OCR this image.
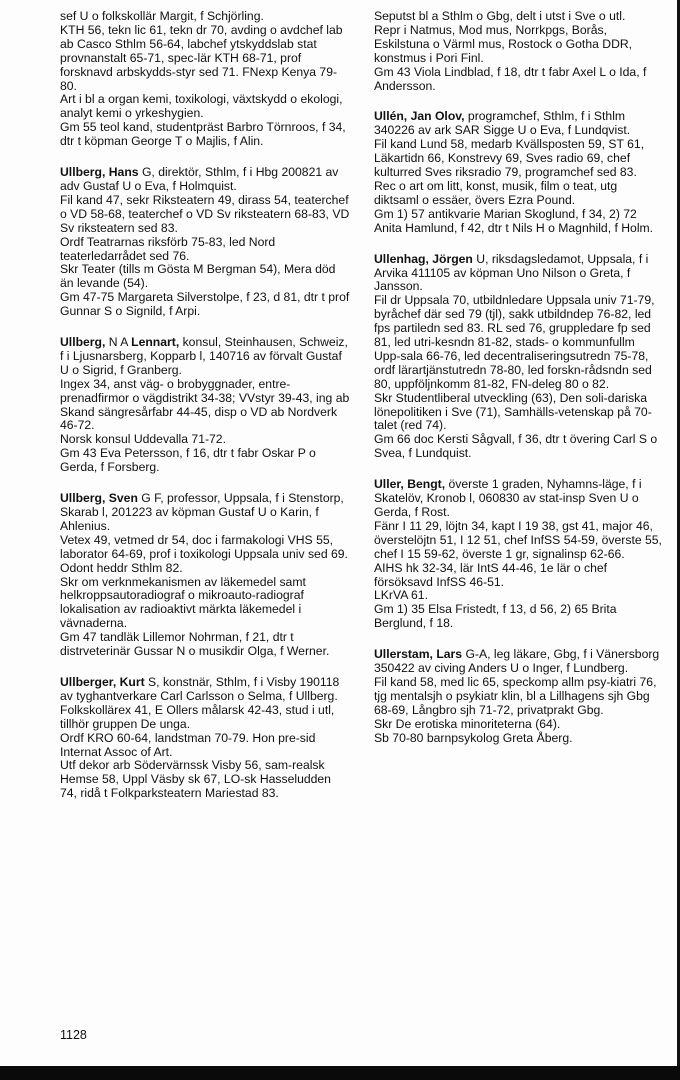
sef U o folkskollär Margit, f Schjörling.

KTH 56, tekn lic 61, tekn dr 70, avding o avdchef lab ab Casco Sthlm 56-64, labchef ytskyddslab stat provnanstalt 65-71, spec-lär KTH 68-71, prof forsknavd arbskydds-styr sed 71. FNexp Kenya 79-80.

Art i bl a organ kemi, toxikologi, växtskydd o ekologi, analyt kemi o yrkeshygien.

Gm 55 teol kand, studentpräst Barbro Törnroos, f 34, dtr t köpman George T o Majlis, f Alin.

Ullberg, Hans G, direktör, Sthlm, f i Hbg 200821 av adv Gustaf U o Eva, f Holmquist.

Fil kand 47, sekr Riksteatern 49, dirass 54, teaterchef o VD 58-68, teaterchef o VD Sv riksteatern 68-83, VD Sv riksteatern sed 83.

Ordf Teatrarnas riksförb 75-83, led Nord teaterledarrådet sed 76.

Skr Teater (tills m Gösta M Bergman 54), Mera död än levande (54).

Gm 47-75 Margareta Silverstolpe, f 23, d 81, dtr t prof Gunnar S o Signild, f Arpi.

Ullberg, N A Lennart, konsul, Steinhausen, Schweiz, f i Ljusnarsberg, Kopparb l, 140716 av förvalt Gustaf U o Sigrid, f Granberg.

Ingex 34, anst väg- o brobyggnader, entre-prenadfirmor o vägdistrikt 34-38; VVstyr 39-43, ing ab Skand sängresårfabr 44-45, disp o VD ab Nordverk 46-72.

Norsk konsul Uddevalla 71-72.

Gm 43 Eva Petersson, f 16, dtr t fabr Oskar P o Gerda, f Forsberg.

Ullberg, Sven G F, professor, Uppsala, f i Stenstorp, Skarab l, 201223 av köpman Gustaf U o Karin, f Ahlenius.

Vetex 49, vetmed dr 54, doc i farmakologi VHS 55, laborator 64-69, prof i toxikologi Uppsala univ sed 69.

Odont heddr Sthlm 82.

Skr om verknmekanismen av läkemedel samt helkroppsautoradiograf o mikroauto-radiograf lokalisation av radioaktivt märkta läkemedel i vävnaderna.

Gm 47 tandläk Lillemor Nohrman, f 21, dtr t distrveterinär Gussar N o musikdir Olga, f Werner.

Ullberger, Kurt S, konstnär, Sthlm, f i Visby 190118 av tyghantverkare Carl Carlsson o Selma, f Ullberg.

Folkskollärex 41, E Ollers målarsk 42-43, stud i utl, tillhör gruppen De unga.

Ordf KRO 60-64, landstman 70-79. Hon pre-sid Internat Assoc of Art.

Utf dekor arb Södervärnssk Visby 56, sam-realsk Hemse 58, Uppl Väsby sk 67, LO-sk Hasseludden 74, ridå t Folkparksteatern Mariestad 83.

Seputst bl a Sthlm o Gbg, delt i utst i Sve o utl.

Repr i Natmus, Mod mus, Norrkpgs, Borås, Eskilstuna o Värml mus, Rostock o Gotha DDR, konstmus i Pori Finl.

Gm 43 Viola Lindblad, f 18, dtr t fabr Axel L o Ida, f Andersson.

Ullén, Jan Olov, programchef, Sthlm, f i Sthlm 340226 av ark SAR Sigge U o Eva, f Lundqvist.

Fil kand Lund 58, medarb Kvällsposten 59, ST 61, Läkartidn 66, Konstrevy 69, Sves radio 69, chef kulturred Sves riksradio 79, programchef sed 83.

Rec o art om litt, konst, musik, film o teat, utg diktsaml o essäer, övers Ezra Pound.

Gm 1) 57 antikvarie Marian Skoglund, f 34, 2) 72 Anita Hamlund, f 42, dtr t Nils H o Magnhild, f Holm.

Ullenhag, Jörgen U, riksdagsledamot, Uppsala, f i Arvika 411105 av köpman Uno Nilson o Greta, f Jansson.

Fil dr Uppsala 70, utbildnledare Uppsala univ 71-79, byråchef där sed 79 (tjl), sakk utbildndep 76-82, led fps partiledn sed 83. RL sed 76, gruppledare fp sed 81, led utri-kesndn 81-82, stads- o kommunfullm Upp-sala 66-76, led decentraliseringsutredn 75-78, ordf lärartjänstutredn 78-80, led forskn-rådsndn sed 80, uppföljnkomm 81-82, FN-deleg 80 o 82.

Skr Studentliberal utveckling (63), Den soli-dariska lönepolitiken i Sve (71), Samhälls-vetenskap på 70-talet (red 74).

Gm 66 doc Kersti Sågvall, f 36, dtr t övering Carl S o Svea, f Lundquist.

Uller, Bengt, överste 1 graden, Nyhamns-läge, f i Skatelöv, Kronob l, 060830 av stat-insp Sven U o Gerda, f Rost.

Fänr I 11 29, löjtn 34, kapt I 19 38, gst 41, major 46, överstelöjtn 51, I 12 51, chef InfSS 54-59, överste 55, chef I 15 59-62, överste 1 gr, signalinsp 62-66.

AIHS hk 32-34, lär IntS 44-46, 1e lär o chef försöksavd InfSS 46-51.

LKrVA 61.

Gm 1) 35 Elsa Fristedt, f 13, d 56, 2) 65 Brita Berglund, f 18.

Ullerstam, Lars G-A, leg läkare, Gbg, f i Vänersborg 350422 av civing Anders U o Inger, f Lundberg.

Fil kand 58, med lic 65, speckomp allm psy-kiatri 76, tjg mentalsjh o psykiatr klin, bl a Lillhagens sjh Gbg 68-69, Långbro sjh 71-72, privatprakt Gbg.

Skr De erotiska minoriteterna (64).

Sb 70-80 barnpsykolog Greta Åberg.

1128
